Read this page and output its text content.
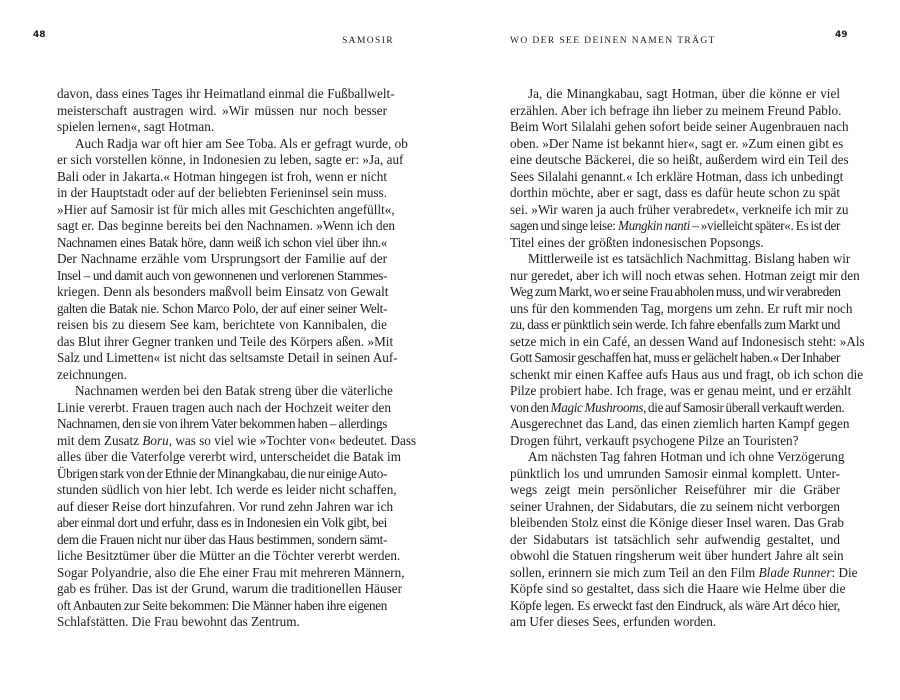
48
SAMOSIR
davon, dass eines Tages ihr Heimatland einmal die Fußballwelt-
meisterschaft austragen wird. »Wir müssen nur noch besser
spielen lernen«, sagt Hotman.
Auch Radja war oft hier am See Toba. Als er gefragt wurde, ob
er sich vorstellen könne, in Indonesien zu leben, sagte er: »Ja, auf
Bali oder in Jakarta.« Hotman hingegen ist froh, wenn er nicht
in der Hauptstadt oder auf der beliebten Ferieninsel sein muss.
»Hier auf Samosir ist für mich alles mit Geschichten angefüllt«,
sagt er. Das beginne bereits bei den Nachnamen. »Wenn ich den
Nachnamen eines Batak höre, dann weiß ich schon viel über ihn.«
Der Nachname erzähle vom Ursprungsort der Familie auf der
Insel – und damit auch von gewonnenen und verlorenen Stammes-
kriegen. Denn als besonders maßvoll beim Einsatz von Gewalt
galten die Batak nie. Schon Marco Polo, der auf einer seiner Welt-
reisen bis zu diesem See kam, berichtete von Kannibalen, die
das Blut ihrer Gegner tranken und Teile des Körpers aßen. »Mit
Salz und Limetten« ist nicht das seltsamste Detail in seinen Auf-
zeichnungen.
Nachnamen werden bei den Batak streng über die väterliche
Linie vererbt. Frauen tragen auch nach der Hochzeit weiter den
Nachnamen, den sie von ihrem Vater bekommen haben – allerdings
mit dem Zusatz Boru, was so viel wie »Tochter von« bedeutet. Dass
alles über die Vaterfolge vererbt wird, unterscheidet die Batak im
Übrigen stark von der Ethnie der Minangkabau, die nur einige Auto-
stunden südlich von hier lebt. Ich werde es leider nicht schaffen,
auf dieser Reise dort hinzufahren. Vor rund zehn Jahren war ich
aber einmal dort und erfuhr, dass es in Indonesien ein Volk gibt, bei
dem die Frauen nicht nur über das Haus bestimmen, sondern sämt-
liche Besitztümer über die Mütter an die Töchter vererbt werden.
Sogar Polyandrie, also die Ehe einer Frau mit mehreren Männern,
gab es früher. Das ist der Grund, warum die traditionellen Häuser
oft Anbauten zur Seite bekommen: Die Männer haben ihre eigenen
Schlafstätten. Die Frau bewohnt das Zentrum.
WO DER SEE DEINEN NAMEN TRÄGT
49
Ja, die Minangkabau, sagt Hotman, über die könne er viel
erzählen. Aber ich befrage ihn lieber zu meinem Freund Pablo.
Beim Wort Silalahi gehen sofort beide seiner Augenbrauen nach
oben. »Der Name ist bekannt hier«, sagt er. »Zum einen gibt es
eine deutsche Bäckerei, die so heißt, außerdem wird ein Teil des
Sees Silalahi genannt.« Ich erkläre Hotman, dass ich unbedingt
dorthin möchte, aber er sagt, dass es dafür heute schon zu spät
sei. »Wir waren ja auch früher verabredet«, verkneife ich mir zu
sagen und singe leise: Mungkin nanti – »vielleicht später«. Es ist der
Titel eines der größten indonesischen Popsongs.
Mittlerweile ist es tatsächlich Nachmittag. Bislang haben wir
nur geredet, aber ich will noch etwas sehen. Hotman zeigt mir den
Weg zum Markt, wo er seine Frau abholen muss, und wir verabreden
uns für den kommenden Tag, morgens um zehn. Er ruft mir noch
zu, dass er pünktlich sein werde. Ich fahre ebenfalls zum Markt und
setze mich in ein Café, an dessen Wand auf Indonesisch steht: »Als
Gott Samosir geschaffen hat, muss er gelächelt haben.« Der Inhaber
schenkt mir einen Kaffee aufs Haus aus und fragt, ob ich schon die
Pilze probiert habe. Ich frage, was er genau meint, und er erzählt
von den Magic Mushrooms, die auf Samosir überall verkauft werden.
Ausgerechnet das Land, das einen ziemlich harten Kampf gegen
Drogen führt, verkauft psychogene Pilze an Touristen?
Am nächsten Tag fahren Hotman und ich ohne Verzögerung
pünktlich los und umrunden Samosir einmal komplett. Unter-
wegs zeigt mein persönlicher Reiseführer mir die Gräber
seiner Urahnen, der Sidabutars, die zu seinem nicht verborgen
bleibenden Stolz einst die Könige dieser Insel waren. Das Grab
der Sidabutars ist tatsächlich sehr aufwendig gestaltet, und
obwohl die Statuen ringsherum weit über hundert Jahre alt sein
sollen, erinnern sie mich zum Teil an den Film Blade Runner: Die
Köpfe sind so gestaltet, dass sich die Haare wie Helme über die
Köpfe legen. Es erweckt fast den Eindruck, als wäre Art déco hier,
am Ufer dieses Sees, erfunden worden.
